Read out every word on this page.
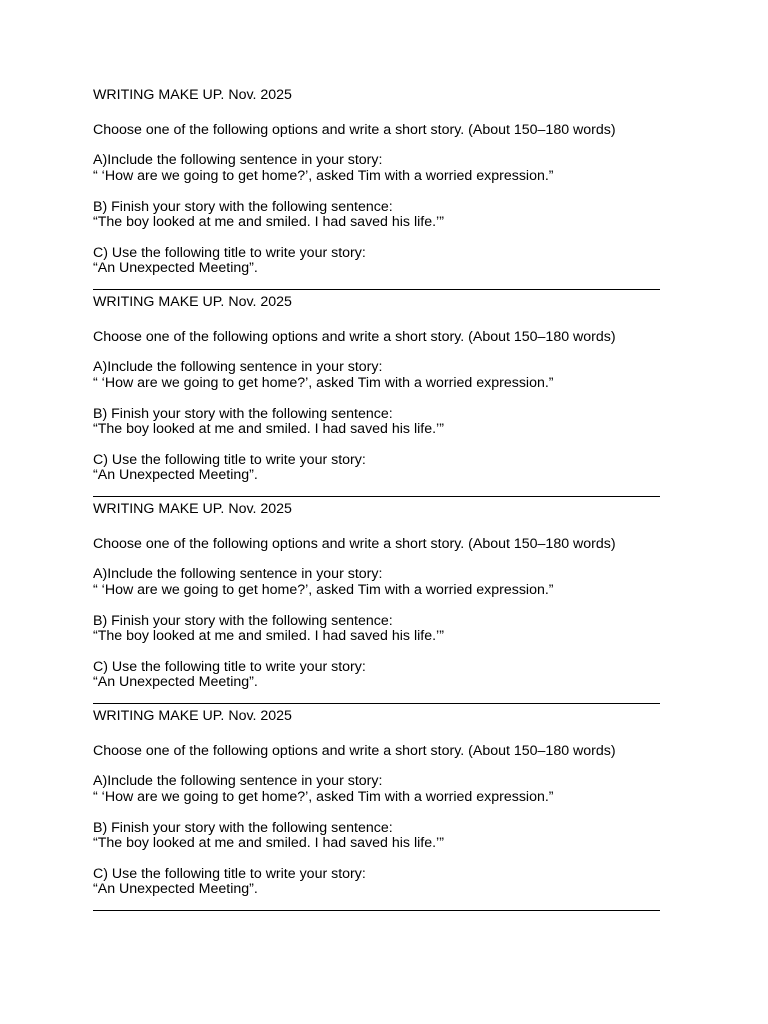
WRITING MAKE UP. Nov. 2025
Choose one of the following options and write a short story. (About 150–180 words)
A)Include the following sentence in your story:
“ ‘How are we going to get home?’, asked Tim with a worried expression.”
B) Finish your story with the following sentence:
“The boy looked at me and smiled. I had saved his life.’”
C) Use the following title to write your story:
“An Unexpected Meeting”.
WRITING MAKE UP. Nov. 2025
Choose one of the following options and write a short story. (About 150–180 words)
A)Include the following sentence in your story:
“ ‘How are we going to get home?’, asked Tim with a worried expression.”
B) Finish your story with the following sentence:
“The boy looked at me and smiled. I had saved his life.’”
C) Use the following title to write your story:
“An Unexpected Meeting”.
WRITING MAKE UP. Nov. 2025
Choose one of the following options and write a short story. (About 150–180 words)
A)Include the following sentence in your story:
“ ‘How are we going to get home?’, asked Tim with a worried expression.”
B) Finish your story with the following sentence:
“The boy looked at me and smiled. I had saved his life.’”
C) Use the following title to write your story:
“An Unexpected Meeting”.
WRITING MAKE UP. Nov. 2025
Choose one of the following options and write a short story. (About 150–180 words)
A)Include the following sentence in your story:
“ ‘How are we going to get home?’, asked Tim with a worried expression.”
B) Finish your story with the following sentence:
“The boy looked at me and smiled. I had saved his life.’”
C) Use the following title to write your story:
“An Unexpected Meeting”.
